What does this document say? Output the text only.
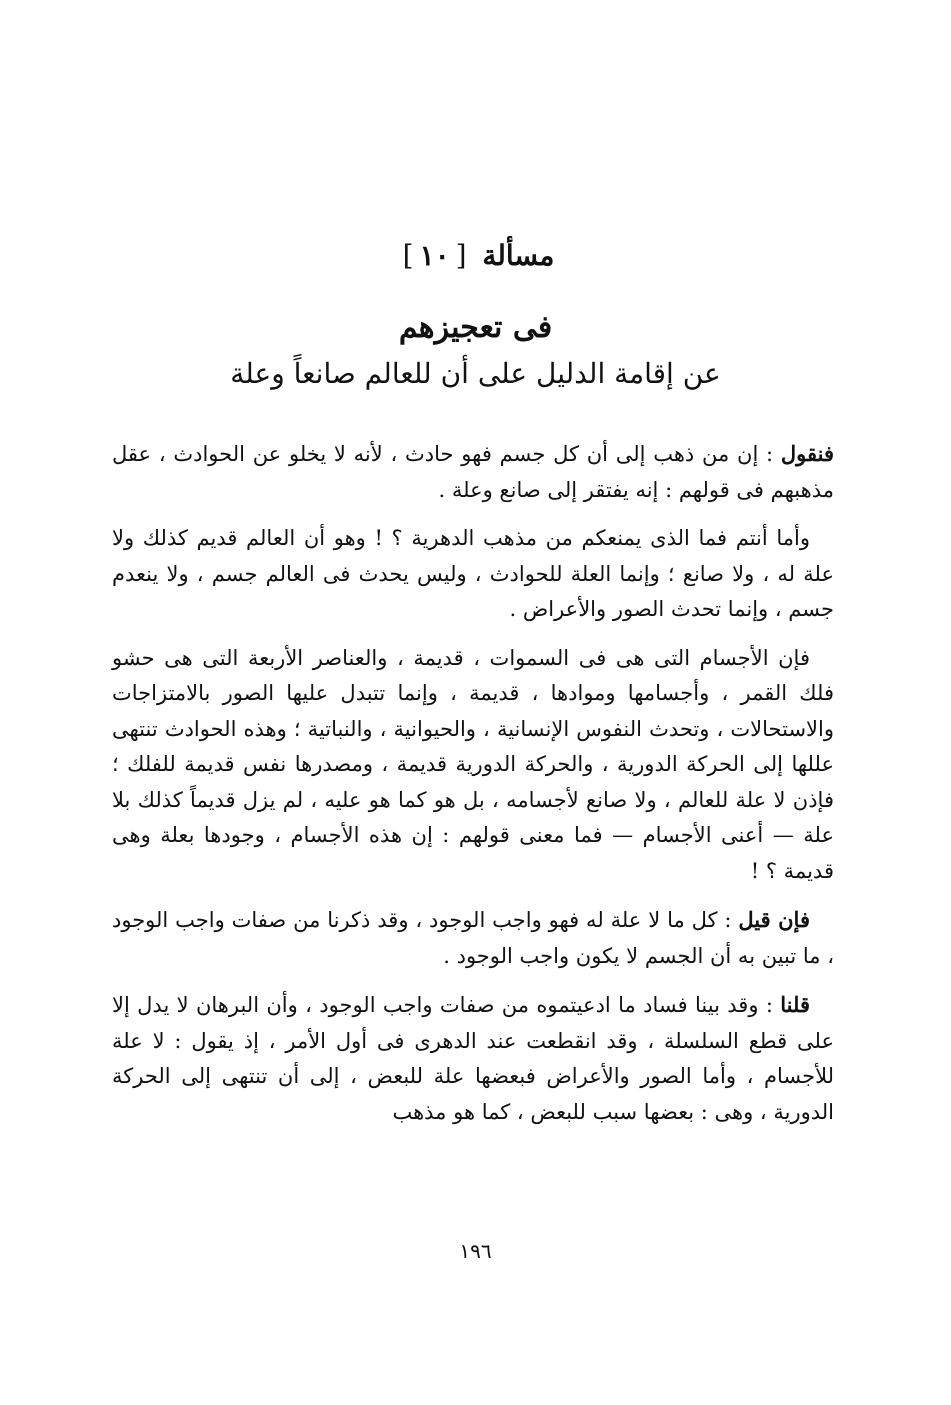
مسألة [١٠]
فى تعجيزهم
عن إقامة الدليل على أن للعالم صانعاً وعلة

فنقول : إن من ذهب إلى أن كل جسم فهو حادث ، لأنه لا يخلو عن الحوادث ، عقل مذهبهم فى قولهم : إنه يفتقر إلى صانع وعلة .

وأما أنتم فما الذى يمنعكم من مذهب الدهرية ؟ ! وهو أن العالم قديم كذلك ولا علة له ، ولا صانع ؛ وإنما العلة للحوادث ، وليس يحدث فى العالم جسم ، ولا ينعدم جسم ، وإنما تحدث الصور والأعراض .

فإن الأجسام التى هى فى السموات ، قديمة ، والعناصر الأربعة التى هى حشو فلك القمر ، وأجسامها وموادها ، قديمة ، وإنما تتبدل عليها الصور بالامتزاجات والاستحالات ، وتحدث النفوس الإنسانية ، والحيوانية ، والنباتية ؛ وهذه الحوادث تنتهى عللها إلى الحركة الدورية ، والحركة الدورية قديمة ، ومصدرها نفس قديمة للفلك ؛ فإذن لا علة للعالم ، ولا صانع لأجسامه ، بل هو كما هو عليه ، لم يزل قديماً كذلك بلا علة — أعنى الأجسام — فما معنى قولهم : إن هذه الأجسام ، وجودها بعلة وهى قديمة ؟ !

فإن قيل : كل ما لا علة له فهو واجب الوجود ، وقد ذكرنا من صفات واجب الوجود ، ما تبين به أن الجسم لا يكون واجب الوجود .

قلنا : وقد بينا فساد ما ادعيتموه من صفات واجب الوجود ، وأن البرهان لا يدل إلا على قطع السلسلة ، وقد انقطعت عند الدهرى فى أول الأمر ، إذ يقول : لا علة للأجسام ، وأما الصور والأعراض فبعضها علة للبعض ، إلى أن تنتهى إلى الحركة الدورية ، وهى : بعضها سبب للبعض ، كما هو مذهب

١٩٦
